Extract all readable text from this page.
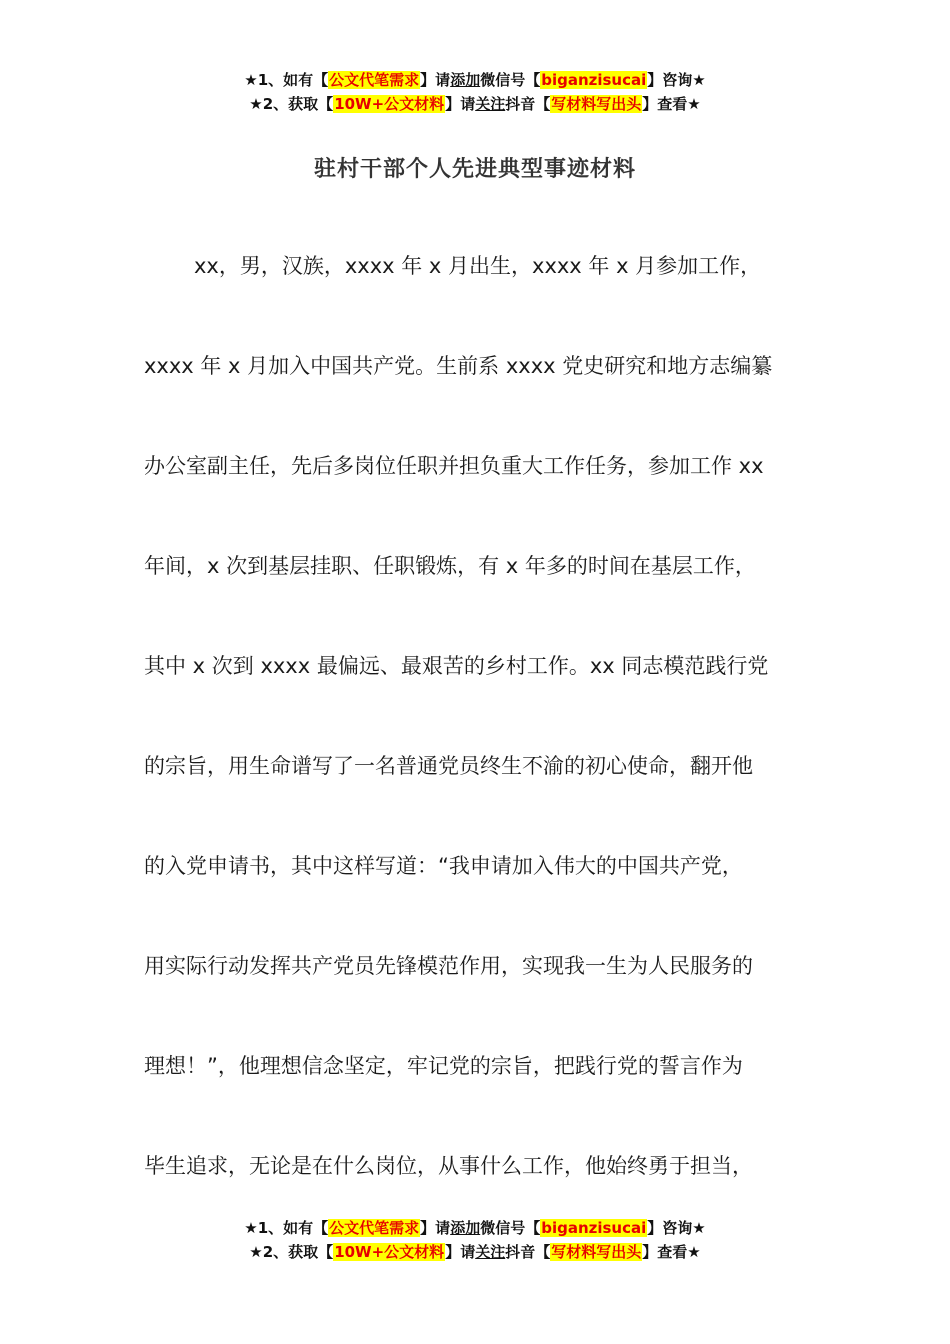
★1、如有【公文代笔需求】请添加微信号【biganzisucai】咨询★
★2、获取【10W+公文材料】请关注抖音【写材料写出头】查看★
驻村干部个人先进典型事迹材料
xx，男，汉族，xxxx 年 x 月出生，xxxx 年 x 月参加工作，
xxxx 年 x 月加入中国共产党。生前系 xxxx 党史研究和地方志编纂
办公室副主任，先后多岗位任职并担负重大工作任务，参加工作 xx
年间，x 次到基层挂职、任职锻炼，有 x 年多的时间在基层工作，
其中 x 次到 xxxx 最偏远、最艰苦的乡村工作。xx 同志模范践行党
的宗旨，用生命谱写了一名普通党员终生不渝的初心使命，翻开他
的入党申请书，其中这样写道：“我申请加入伟大的中国共产党，
用实际行动发挥共产党员先锋模范作用，实现我一生为人民服务的
理想！”，他理想信念坚定，牢记党的宗旨，把践行党的誓言作为
毕生追求，无论是在什么岗位，从事什么工作，他始终勇于担当，
★1、如有【公文代笔需求】请添加微信号【biganzisucai】咨询★
★2、获取【10W+公文材料】请关注抖音【写材料写出头】查看★
